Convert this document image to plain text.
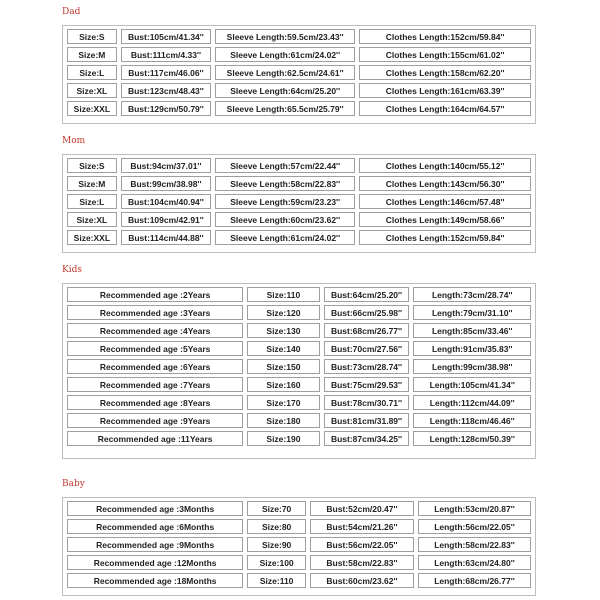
Dad
Size:S	Bust:105cm/41.34''	Sleeve Length:59.5cm/23.43''	Clothes Length:152cm/59.84''
Size:M	Bust:111cm/4.33''	Sleeve Length:61cm/24.02''	Clothes Length:155cm/61.02''
Size:L	Bust:117cm/46.06''	Sleeve Length:62.5cm/24.61''	Clothes Length:158cm/62.20''
Size:XL	Bust:123cm/48.43''	Sleeve Length:64cm/25.20''	Clothes Length:161cm/63.39''
Size:XXL	Bust:129cm/50.79''	Sleeve Length:65.5cm/25.79''	Clothes Length:164cm/64.57''
Mom
Size:S	Bust:94cm/37.01''	Sleeve Length:57cm/22.44''	Clothes Length:140cm/55.12''
Size:M	Bust:99cm/38.98''	Sleeve Length:58cm/22.83''	Clothes Length:143cm/56.30''
Size:L	Bust:104cm/40.94''	Sleeve Length:59cm/23.23''	Clothes Length:146cm/57.48''
Size:XL	Bust:109cm/42.91''	Sleeve Length:60cm/23.62''	Clothes Length:149cm/58.66''
Size:XXL	Bust:114cm/44.88''	Sleeve Length:61cm/24.02''	Clothes Length:152cm/59.84''
Kids
Recommended age :2Years	Size:110	Bust:64cm/25.20''	Length:73cm/28.74''
Recommended age :3Years	Size:120	Bust:66cm/25.98''	Length:79cm/31.10''
Recommended age :4Years	Size:130	Bust:68cm/26.77''	Length:85cm/33.46''
Recommended age :5Years	Size:140	Bust:70cm/27.56''	Length:91cm/35.83''
Recommended age :6Years	Size:150	Bust:73cm/28.74''	Length:99cm/38.98''
Recommended age :7Years	Size:160	Bust:75cm/29.53''	Length:105cm/41.34''
Recommended age :8Years	Size:170	Bust:78cm/30.71''	Length:112cm/44.09''
Recommended age :9Years	Size:180	Bust:81cm/31.89''	Length:118cm/46.46''
Recommended age :11Years	Size:190	Bust:87cm/34.25''	Length:128cm/50.39''
Baby
Recommended age :3Months	Size:70	Bust:52cm/20.47''	Length:53cm/20.87''
Recommended age :6Months	Size:80	Bust:54cm/21.26''	Length:56cm/22.05''
Recommended age :9Months	Size:90	Bust:56cm/22.05''	Length:58cm/22.83''
Recommended age :12Months	Size:100	Bust:58cm/22.83''	Length:63cm/24.80''
Recommended age :18Months	Size:110	Bust:60cm/23.62''	Length:68cm/26.77''
